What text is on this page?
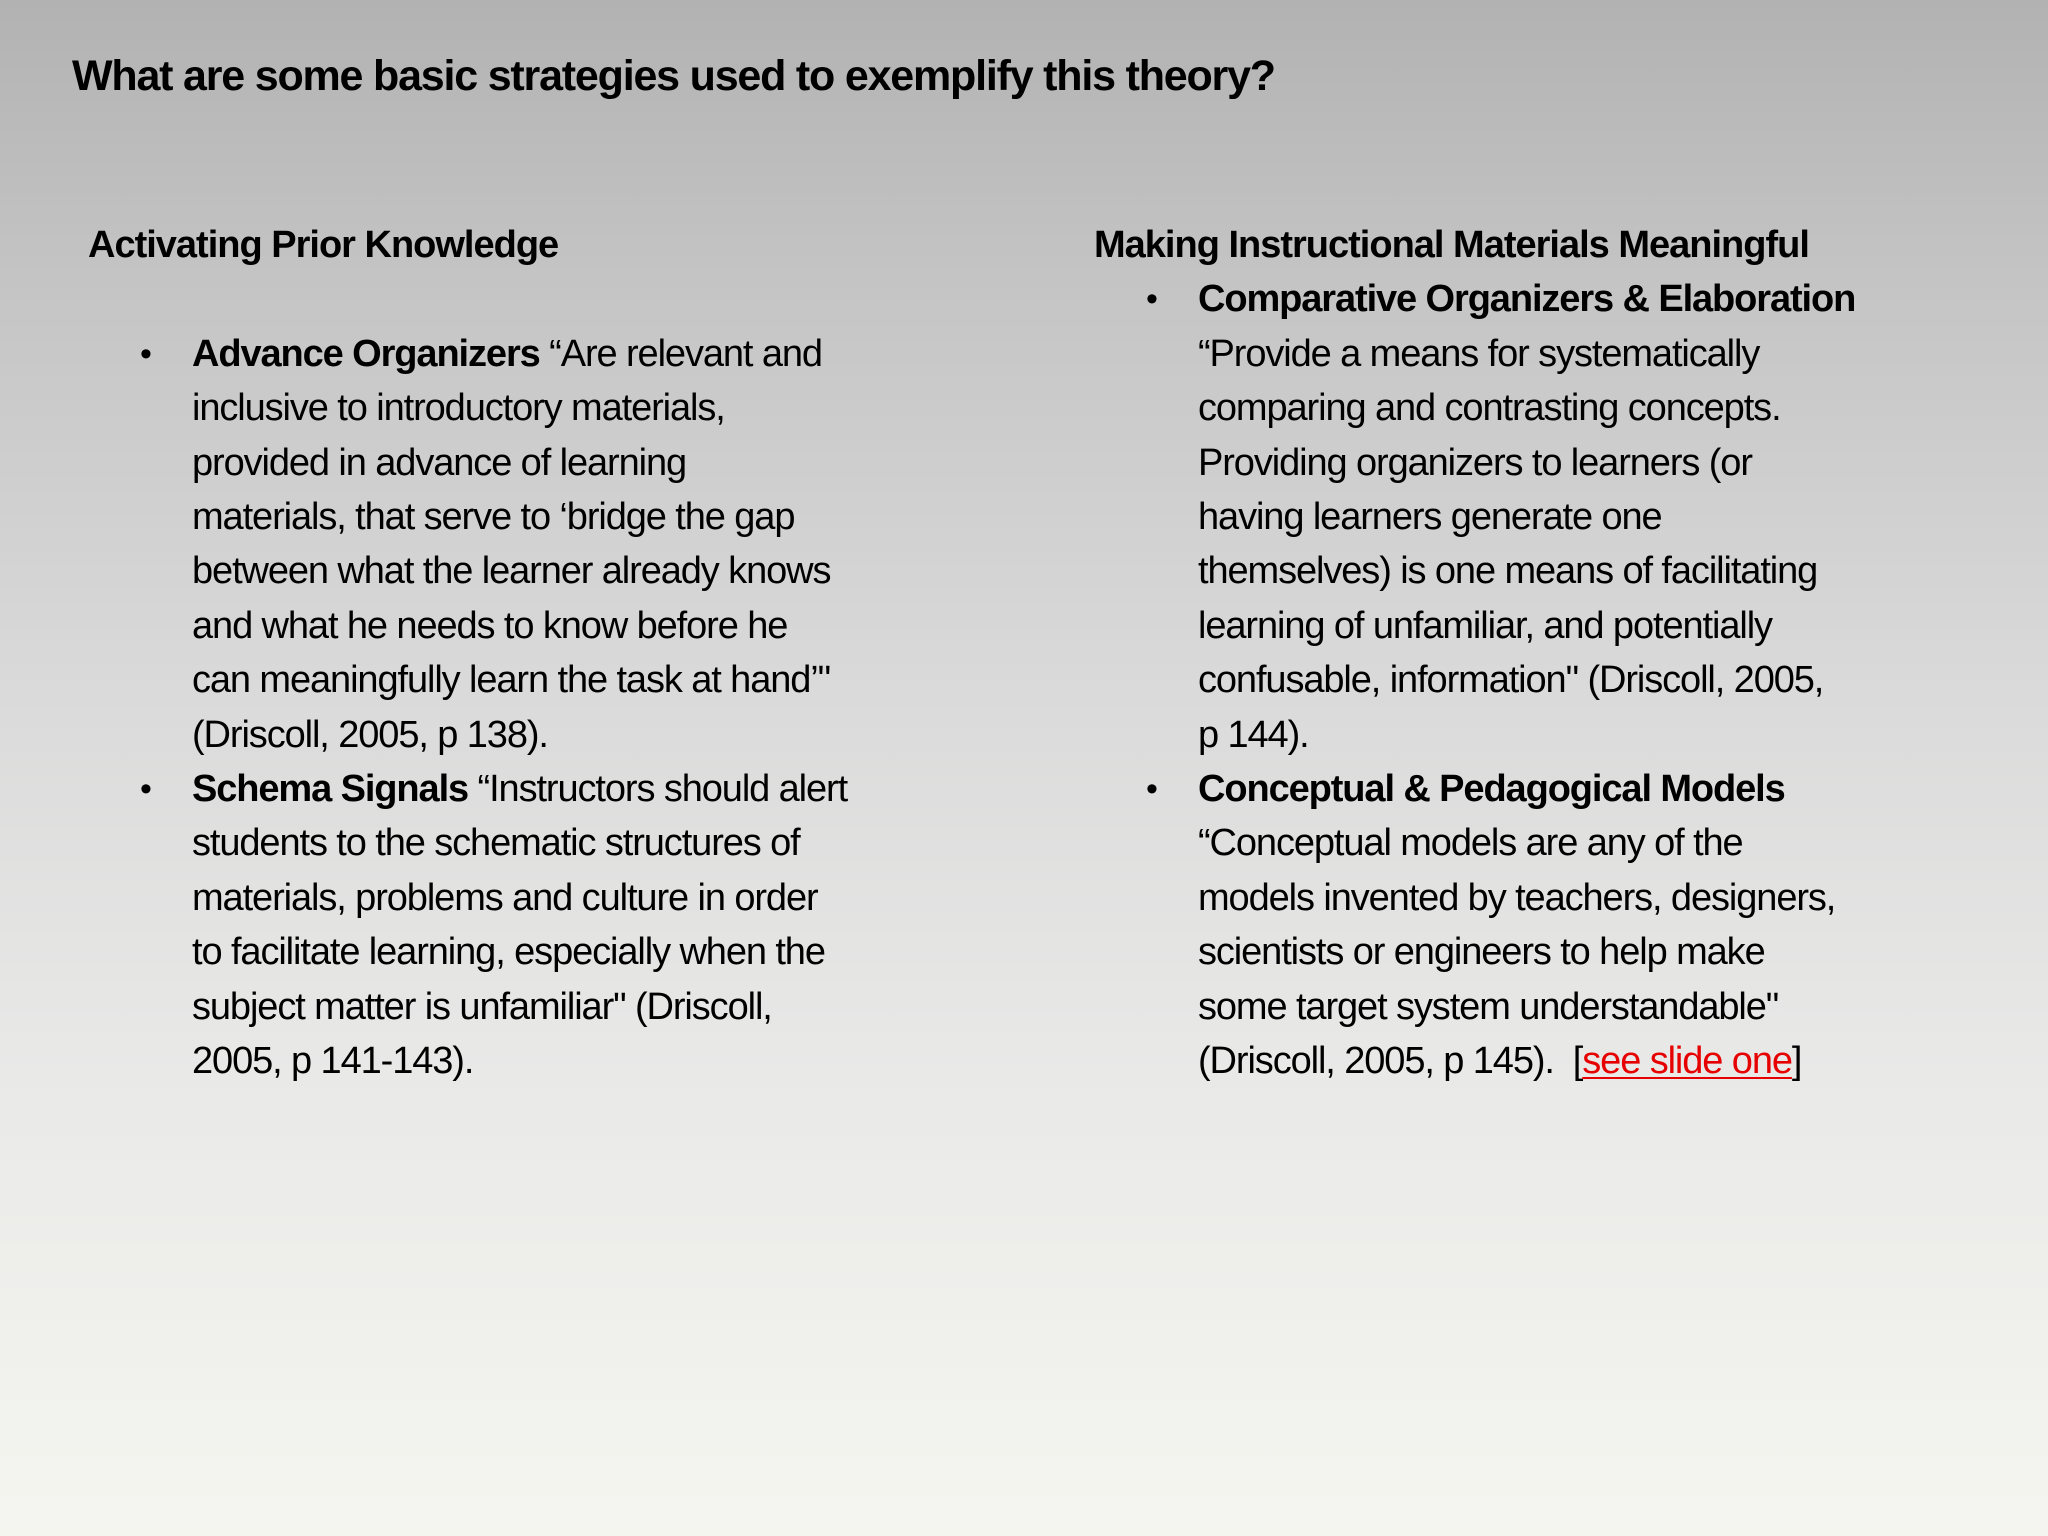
What are some basic strategies used to exemplify this theory?
Activating Prior Knowledge
• Advance Organizers “Are relevant and
inclusive to introductory materials,
provided in advance of learning
materials, that serve to ‘bridge the gap
between what the learner already knows
and what he needs to know before he
can meaningfully learn the task at hand’"
(Driscoll, 2005, p 138).
• Schema Signals “Instructors should alert
students to the schematic structures of
materials, problems and culture in order
to facilitate learning, especially when the
subject matter is unfamiliar" (Driscoll,
2005, p 141-143).
Making Instructional Materials Meaningful
• Comparative Organizers & Elaboration
“Provide a means for systematically
comparing and contrasting concepts.
Providing organizers to learners (or
having learners generate one
themselves) is one means of facilitating
learning of unfamiliar, and potentially
confusable, information" (Driscoll, 2005,
p 144).
• Conceptual & Pedagogical Models
“Conceptual models are any of the
models invented by teachers, designers,
scientists or engineers to help make
some target system understandable"
(Driscoll, 2005, p 145).  [see slide one]
